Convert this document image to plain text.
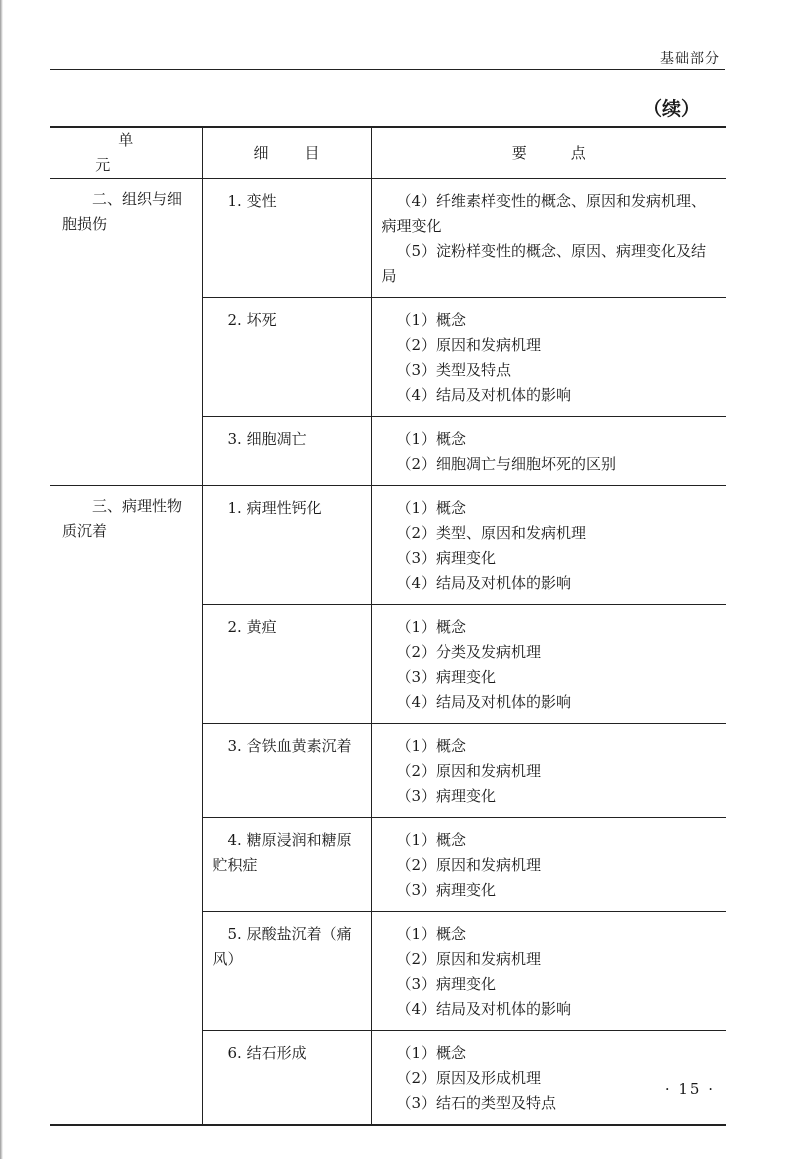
基础部分
（续）
单元	细目	要点
二、组织与细胞损伤	1. 变性	（4）纤维素样变性的概念、原因和发病机理、病理变化
（5）淀粉样变性的概念、原因、病理变化及结局

	2. 坏死	（1）概念
（2）原因和发病机理
（3）类型及特点
（4）结局及对机体的影响

	3. 细胞凋亡	（1）概念
（2）细胞凋亡与细胞坏死的区别

三、病理性物质沉着	1. 病理性钙化	（1）概念
（2）类型、原因和发病机理
（3）病理变化
（4）结局及对机体的影响

	2. 黄疸	（1）概念
（2）分类及发病机理
（3）病理变化
（4）结局及对机体的影响

	3. 含铁血黄素沉着	（1）概念
（2）原因和发病机理
（3）病理变化

	4. 糖原浸润和糖原贮积症	（1）概念
（2）原因和发病机理
（3）病理变化

	5. 尿酸盐沉着（痛风）	（1）概念
（2）原因和发病机理
（3）病理变化
（4）结局及对机体的影响

	6. 结石形成	（1）概念
（2）原因及形成机理
（3）结石的类型及特点
· 15 ·
